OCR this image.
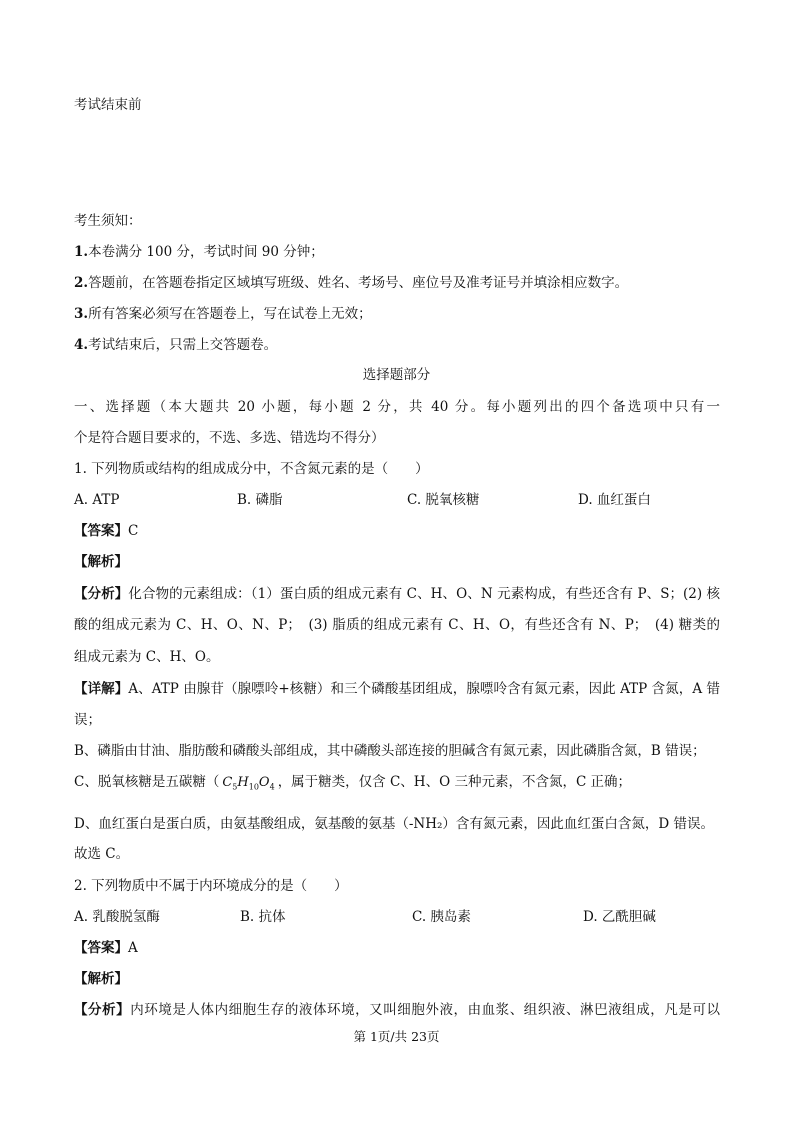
考试结束前
考生须知：
1.本卷满分 100 分，考试时间 90 分钟；
2.答题前，在答题卷指定区域填写班级、姓名、考场号、座位号及准考证号并填涂相应数字。
3.所有答案必须写在答题卷上，写在试卷上无效；
4.考试结束后，只需上交答题卷。
选择题部分
一、选择题（本大题共 20 小题，每小题 2 分，共 40 分。每小题列出的四个备选项中只有一
个是符合题目要求的，不选、多选、错选均不得分）
1. 下列物质或结构的组成成分中，不含氮元素的是（　　）
A. ATP	B. 磷脂	C. 脱氧核糖	D. 血红蛋白
【答案】C
【解析】
【分析】化合物的元素组成：（1）蛋白质的组成元素有 C、H、O、N 元素构成，有些还含有 P、S；(2) 核
酸的组成元素为 C、H、O、N、P；　(3) 脂质的组成元素有 C、H、O，有些还含有 N、P；　(4) 糖类的
组成元素为 C、H、O。
【详解】A、ATP 由腺苷（腺嘌呤+核糖）和三个磷酸基团组成，腺嘌呤含有氮元素，因此 ATP 含氮，A 错
误；
B、磷脂由甘油、脂肪酸和磷酸头部组成，其中磷酸头部连接的胆碱含有氮元素，因此磷脂含氮，B 错误；
C、脱氧核糖是五碳糖（ $C_5H_{10}O_4$ ，属于糖类，仅含 C、H、O 三种元素，不含氮，C 正确；
D、血红蛋白是蛋白质，由氨基酸组成，氨基酸的氨基（-NH₂）含有氮元素，因此血红蛋白含氮，D 错误。
故选 C。
2. 下列物质中不属于内环境成分的是（　　）
A. 乳酸脱氢酶	B. 抗体	C. 胰岛素	D. 乙酰胆碱
【答案】A
【解析】
【分析】内环境是人体内细胞生存的液体环境，又叫细胞外液，由血浆、组织液、淋巴液组成，凡是可以
第 1页/共 23页
